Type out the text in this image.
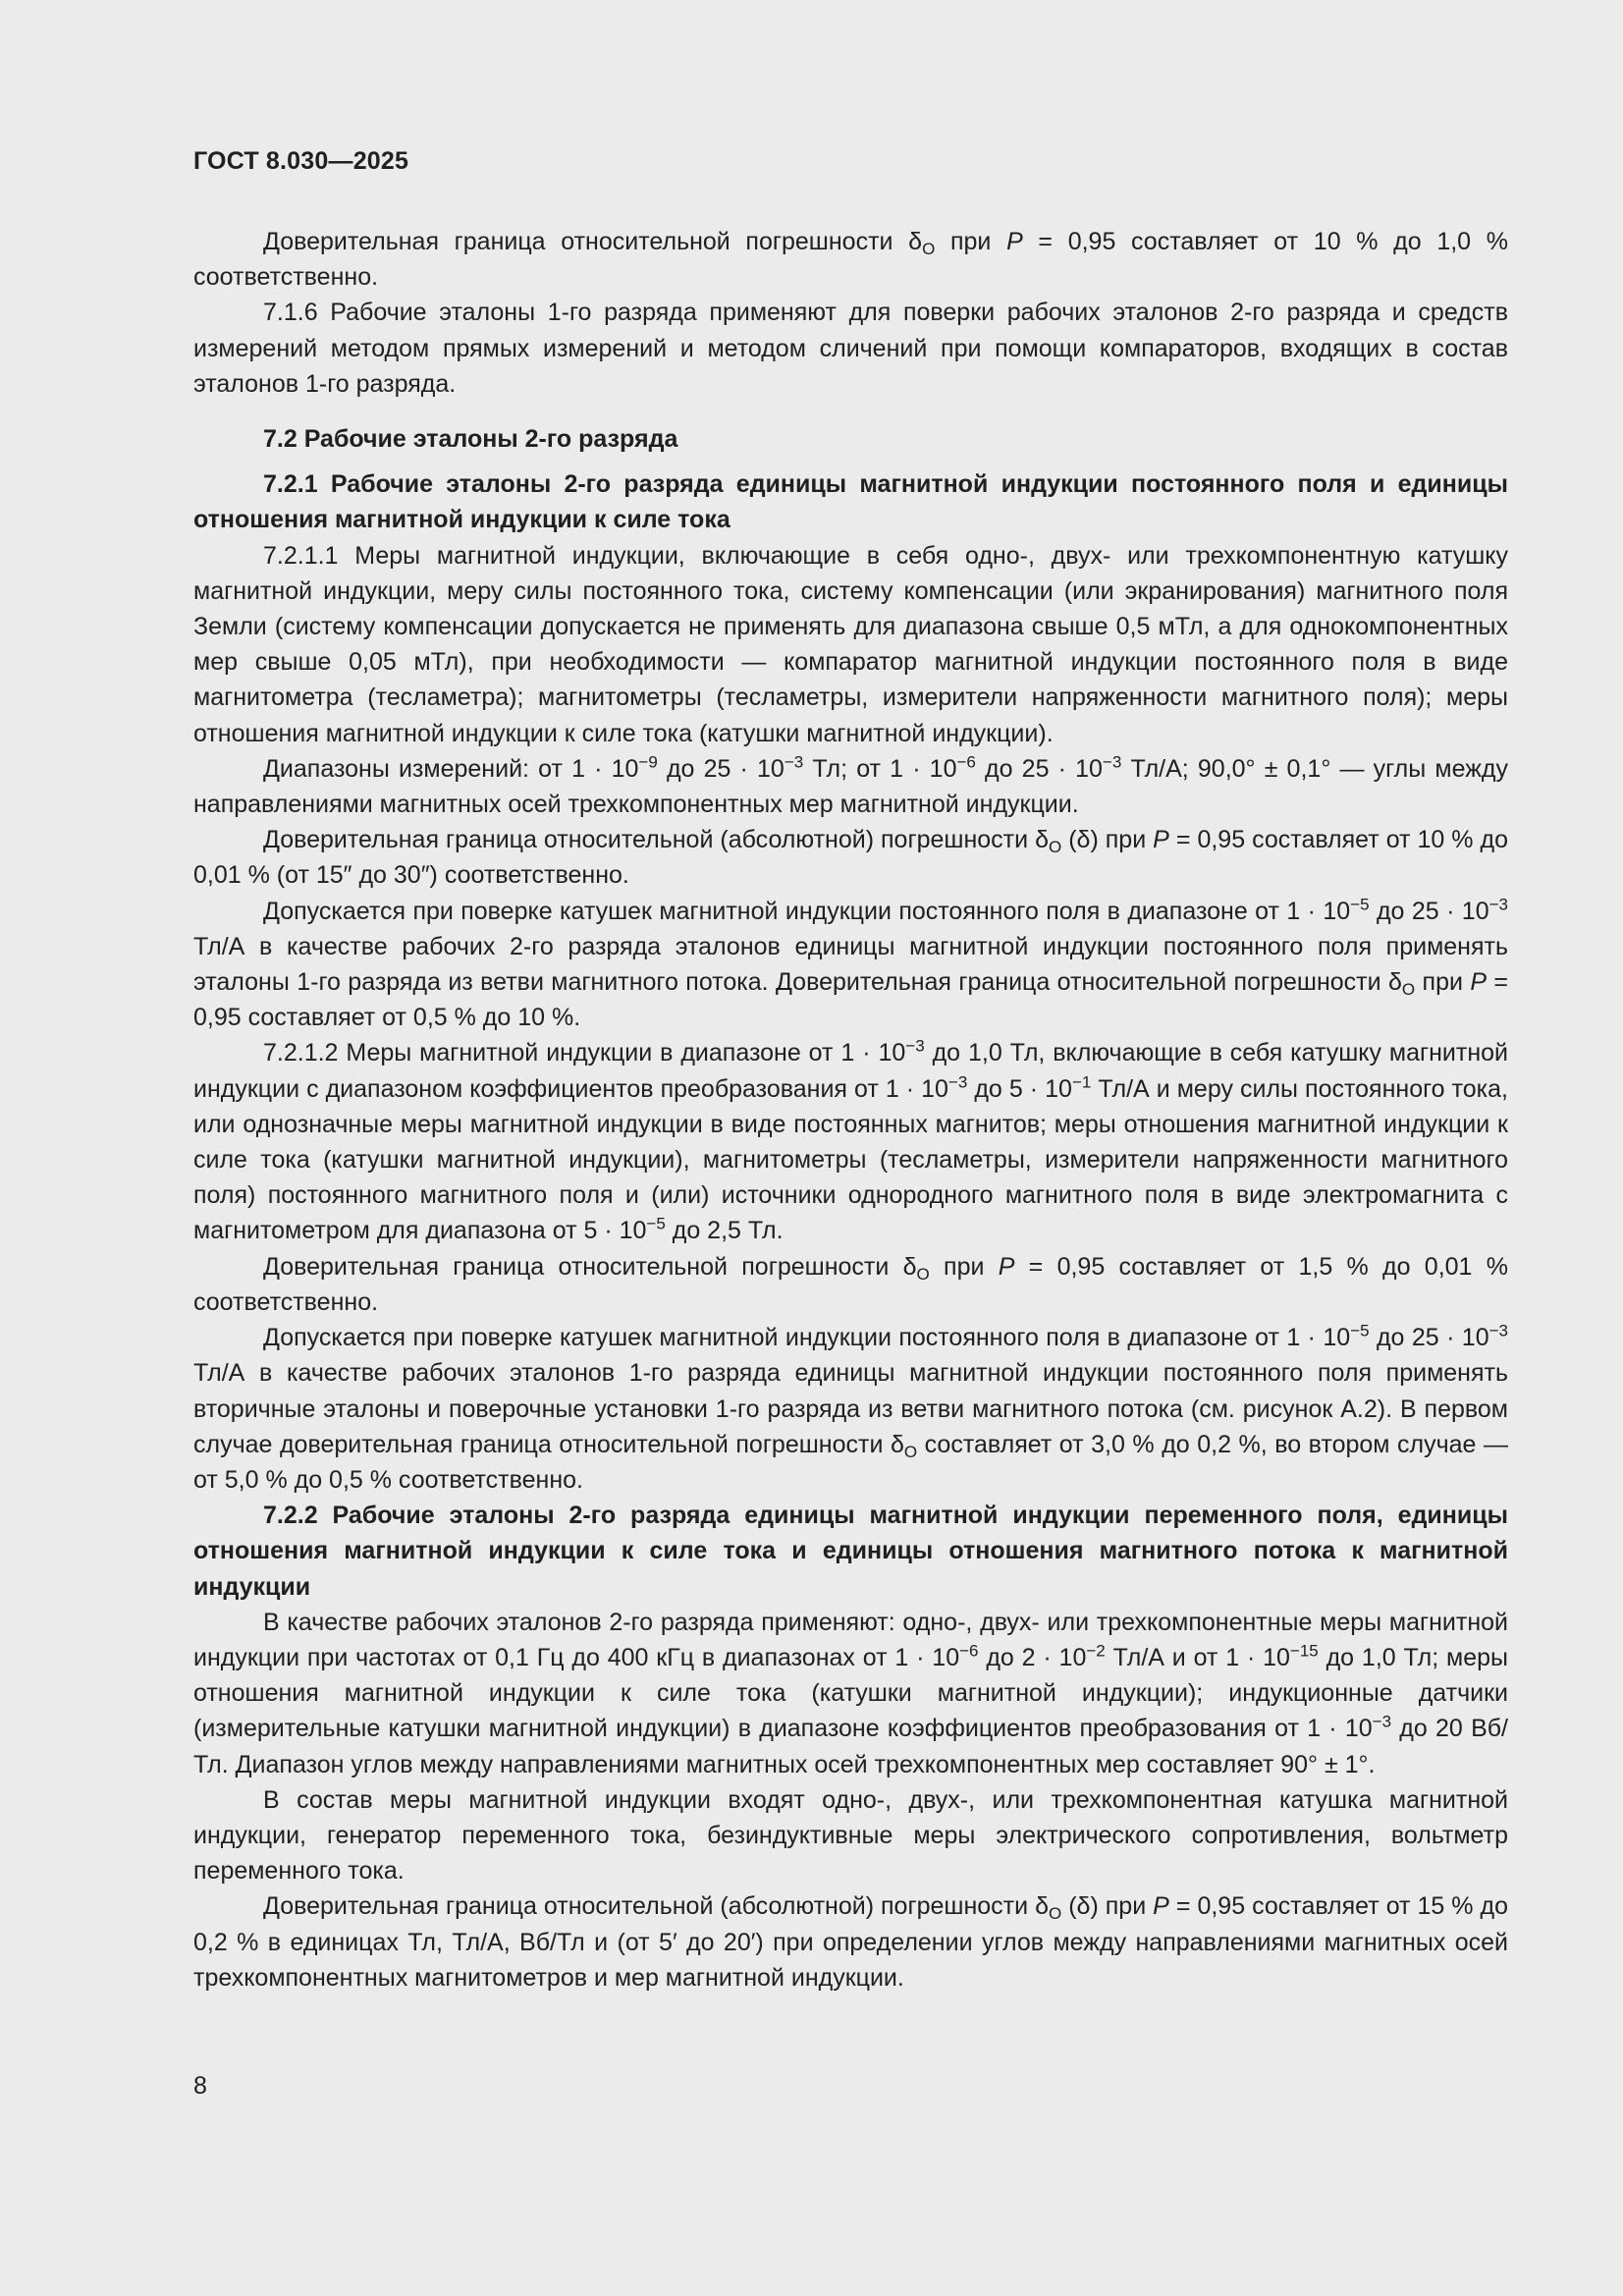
ГОСТ 8.030—2025

Доверительная граница относительной погрешности $\delta_O$ при P = 0,95 составляет от 10 % до 1,0 % соответственно.

7.1.6 Рабочие эталоны 1-го разряда применяют для поверки рабочих эталонов 2-го разряда и средств измерений методом прямых измерений и методом сличений при помощи компараторов, входящих в состав эталонов 1-го разряда.

7.2 Рабочие эталоны 2-го разряда

7.2.1 Рабочие эталоны 2-го разряда единицы магнитной индукции постоянного поля и единицы отношения магнитной индукции к силе тока

7.2.1.1 Меры магнитной индукции, включающие в себя одно-, двух- или трехкомпонентную катушку магнитной индукции, меру силы постоянного тока, систему компенсации (или экранирования) магнитного поля Земли (систему компенсации допускается не применять для диапазона свыше 0,5 мТл, а для однокомпонентных мер свыше 0,05 мТл), при необходимости — компаратор магнитной индукции постоянного поля в виде магнитометра (тесламетра); магнитометры (тесламетры, измерители напряженности магнитного поля); меры отношения магнитной индукции к силе тока (катушки магнитной индукции).

Диапазоны измерений: от $1 \cdot 10^{-9}$ до $25 \cdot 10^{-3}$ Тл; от $1 \cdot 10^{-6}$ до $25 \cdot 10^{-3}$ Тл/А; 90,0° ± 0,1° — углы между направлениями магнитных осей трехкомпонентных мер магнитной индукции.

Доверительная граница относительной (абсолютной) погрешности $\delta_O$ (δ) при P = 0,95 составляет от 10 % до 0,01 % (от 15″ до 30″) соответственно.

Допускается при поверке катушек магнитной индукции постоянного поля в диапазоне от $1 \cdot 10^{-5}$ до $25 \cdot 10^{-3}$ Тл/А в качестве рабочих 2-го разряда эталонов единицы магнитной индукции постоянного поля применять эталоны 1-го разряда из ветви магнитного потока. Доверительная граница относительной погрешности $\delta_O$ при P = 0,95 составляет от 0,5 % до 10 %.

7.2.1.2 Меры магнитной индукции в диапазоне от $1 \cdot 10^{-3}$ до 1,0 Тл, включающие в себя катушку магнитной индукции с диапазоном коэффициентов преобразования от $1 \cdot 10^{-3}$ до $5 \cdot 10^{-1}$ Тл/А и меру силы постоянного тока, или однозначные меры магнитной индукции в виде постоянных магнитов; меры отношения магнитной индукции к силе тока (катушки магнитной индукции), магнитометры (тесламетры, измерители напряженности магнитного поля) постоянного магнитного поля и (или) источники однородного магнитного поля в виде электромагнита с магнитометром для диапазона от $5 \cdot 10^{-5}$ до 2,5 Тл.

Доверительная граница относительной погрешности $\delta_O$ при P = 0,95 составляет от 1,5 % до 0,01 % соответственно.

Допускается при поверке катушек магнитной индукции постоянного поля в диапазоне от $1 \cdot 10^{-5}$ до $25 \cdot 10^{-3}$ Тл/А в качестве рабочих эталонов 1-го разряда единицы магнитной индукции постоянного поля применять вторичные эталоны и поверочные установки 1-го разряда из ветви магнитного потока (см. рисунок А.2). В первом случае доверительная граница относительной погрешности $\delta_O$ составляет от 3,0 % до 0,2 %, во втором случае — от 5,0 % до 0,5 % соответственно.

7.2.2 Рабочие эталоны 2-го разряда единицы магнитной индукции переменного поля, единицы отношения магнитной индукции к силе тока и единицы отношения магнитного потока к магнитной индукции

В качестве рабочих эталонов 2-го разряда применяют: одно-, двух- или трехкомпонентные меры магнитной индукции при частотах от 0,1 Гц до 400 кГц в диапазонах от $1 \cdot 10^{-6}$ до $2 \cdot 10^{-2}$ Тл/А и от $1 \cdot 10^{-15}$ до 1,0 Тл; меры отношения магнитной индукции к силе тока (катушки магнитной индукции); индукционные датчики (измерительные катушки магнитной индукции) в диапазоне коэффициентов преобразования от $1 \cdot 10^{-3}$ до 20 Вб/Тл. Диапазон углов между направлениями магнитных осей трехкомпонентных мер составляет 90° ± 1°.

В состав меры магнитной индукции входят одно-, двух-, или трехкомпонентная катушка магнитной индукции, генератор переменного тока, безиндуктивные меры электрического сопротивления, вольтметр переменного тока.

Доверительная граница относительной (абсолютной) погрешности $\delta_O$ (δ) при P = 0,95 составляет от 15 % до 0,2 % в единицах Тл, Тл/А, Вб/Тл и (от 5′ до 20′) при определении углов между направлениями магнитных осей трехкомпонентных магнитометров и мер магнитной индукции.

8
